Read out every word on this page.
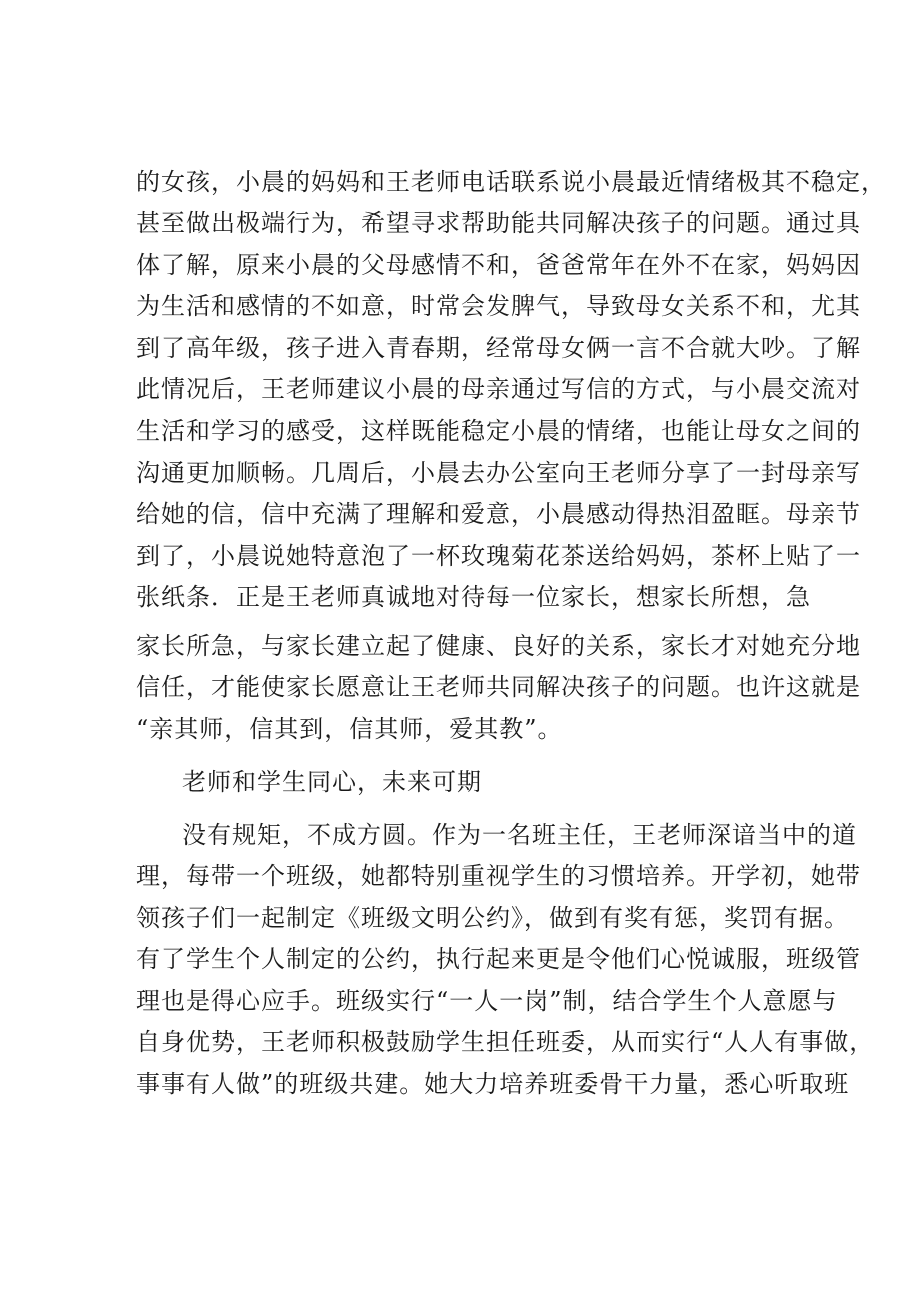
的女孩，小晨的妈妈和王老师电话联系说小晨最近情绪极其不稳定，
甚至做出极端行为，希望寻求帮助能共同解决孩子的问题。通过具
体了解，原来小晨的父母感情不和，爸爸常年在外不在家，妈妈因
为生活和感情的不如意，时常会发脾气，导致母女关系不和，尤其
到了高年级，孩子进入青春期，经常母女俩一言不合就大吵。了解
此情况后，王老师建议小晨的母亲通过写信的方式，与小晨交流对
生活和学习的感受，这样既能稳定小晨的情绪，也能让母女之间的
沟通更加顺畅。几周后，小晨去办公室向王老师分享了一封母亲写
给她的信，信中充满了理解和爱意，小晨感动得热泪盈眶。母亲节
到了，小晨说她特意泡了一杯玫瑰菊花茶送给妈妈，茶杯上贴了一
张纸条．正是王老师真诚地对待每一位家长，想家长所想，急
家长所急，与家长建立起了健康、良好的关系，家长才对她充分地
信任，才能使家长愿意让王老师共同解决孩子的问题。也许这就是
“亲其师，信其到，信其师，爱其教”。
老师和学生同心，未来可期
没有规矩，不成方圆。作为一名班主任，王老师深谙当中的道
理，每带一个班级，她都特别重视学生的习惯培养。开学初，她带
领孩子们一起制定《班级文明公约》，做到有奖有惩，奖罚有据。
有了学生个人制定的公约，执行起来更是令他们心悦诚服，班级管
理也是得心应手。班级实行“一人一岗”制，结合学生个人意愿与
自身优势，王老师积极鼓励学生担任班委，从而实行“人人有事做，
事事有人做”的班级共建。她大力培养班委骨干力量，悉心听取班
